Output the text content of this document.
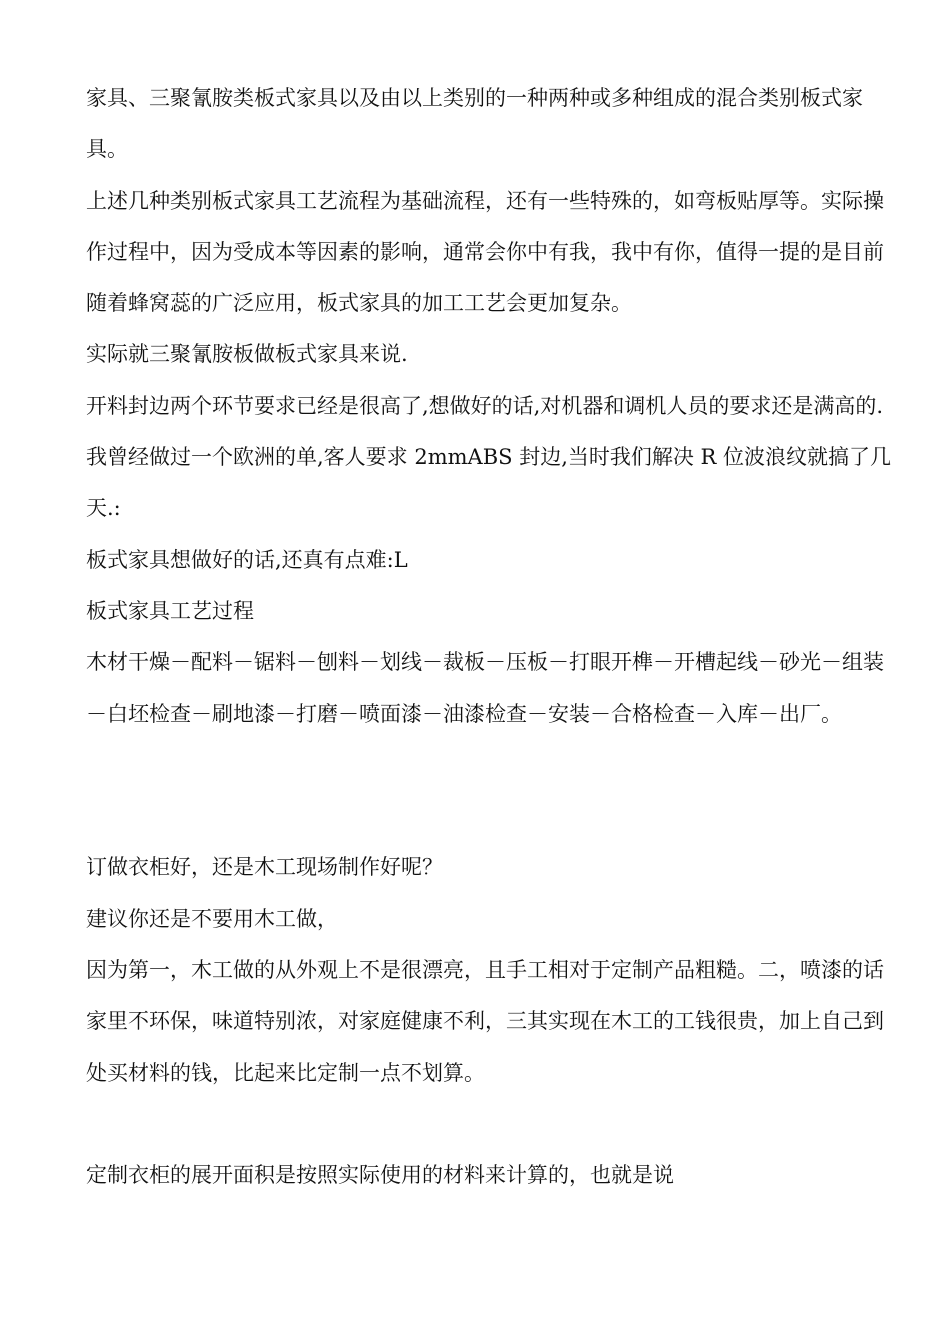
家具、三聚氰胺类板式家具以及由以上类别的一种两种或多种组成的混合类别板式家具。

上述几种类别板式家具工艺流程为基础流程，还有一些特殊的，如弯板贴厚等。实际操作过程中，因为受成本等因素的影响，通常会你中有我，我中有你，值得一提的是目前随着蜂窝蕊的广泛应用，板式家具的加工工艺会更加复杂。

实际就三聚氰胺板做板式家具来说.

开料封边两个环节要求已经是很高了,想做好的话,对机器和调机人员的要求还是满高的.

我曾经做过一个欧洲的单,客人要求 2mmABS 封边,当时我们解决 R 位波浪纹就搞了几天.:

板式家具想做好的话,还真有点难:L

板式家具工艺过程

木材干燥－配料－锯料－刨料－划线－裁板－压板－打眼开榫－开槽起线－砂光－组装－白坯检查－刷地漆－打磨－喷面漆－油漆检查－安装－合格检查－入库－出厂。

订做衣柜好，还是木工现场制作好呢？

建议你还是不要用木工做，

因为第一，木工做的从外观上不是很漂亮，且手工相对于定制产品粗糙。二，喷漆的话家里不环保，味道特别浓，对家庭健康不利，三其实现在木工的工钱很贵，加上自己到处买材料的钱，比起来比定制一点不划算。

定制衣柜的展开面积是按照实际使用的材料来计算的，也就是说
